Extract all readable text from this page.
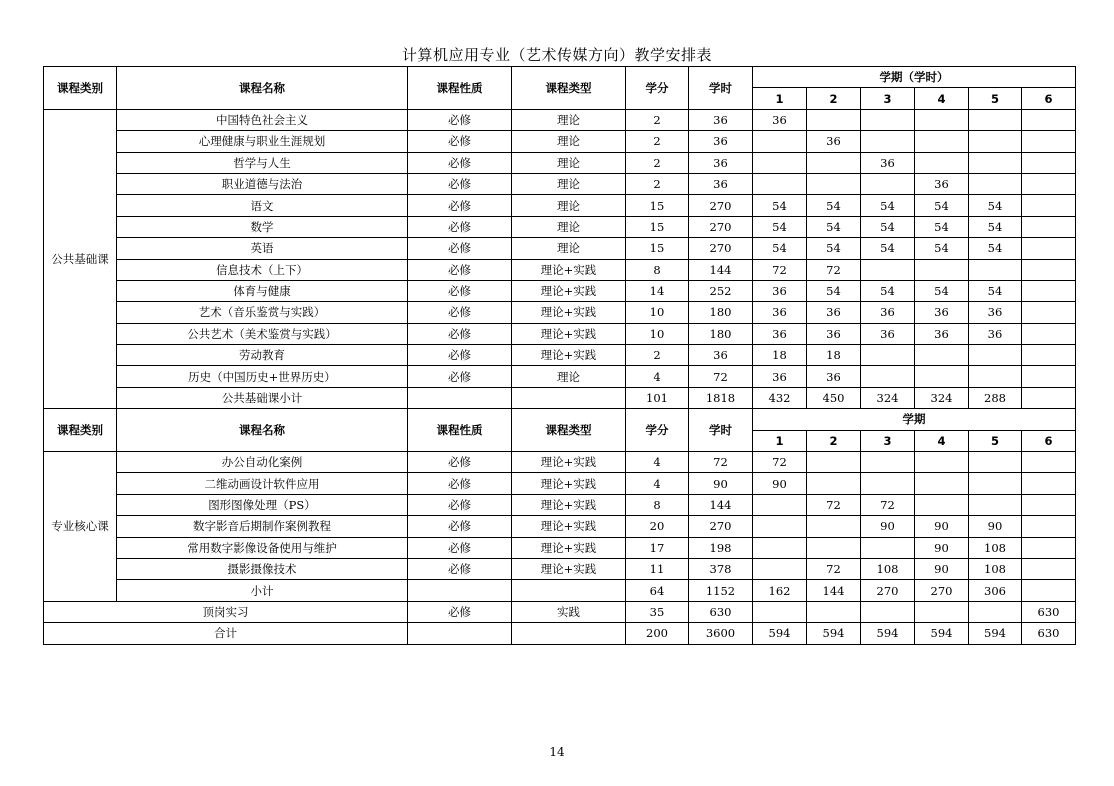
计算机应用专业（艺术传媒方向）教学安排表
课程类别	课程名称	课程性质	课程类型	学分	学时	学期（学时）					
						1	2	3	4	5	6
公共基础课	中国特色社会主义	必修	理论	2	36	36					
	心理健康与职业生涯规划	必修	理论	2	36		36				
	哲学与人生	必修	理论	2	36			36			
	职业道德与法治	必修	理论	2	36				36		
	语文	必修	理论	15	270	54	54	54	54	54	
	数学	必修	理论	15	270	54	54	54	54	54	
	英语	必修	理论	15	270	54	54	54	54	54	
	信息技术（上下）	必修	理论+实践	8	144	72	72				
	体育与健康	必修	理论+实践	14	252	36	54	54	54	54	
	艺术（音乐鉴赏与实践）	必修	理论+实践	10	180	36	36	36	36	36	
	公共艺术（美术鉴赏与实践）	必修	理论+实践	10	180	36	36	36	36	36	
	劳动教育	必修	理论+实践	2	36	18	18				
	历史（中国历史+世界历史）	必修	理论	4	72	36	36				
	公共基础课小计			101	1818	432	450	324	324	288	
课程类别	课程名称	课程性质	课程类型	学分	学时	学期					
						1	2	3	4	5	6
专业核心课	办公自动化案例	必修	理论+实践	4	72	72					
	二维动画设计软件应用	必修	理论+实践	4	90	90					
	图形图像处理（PS）	必修	理论+实践	8	144		72	72			
	数字影音后期制作案例教程	必修	理论+实践	20	270			90	90	90	
	常用数字影像设备使用与维护	必修	理论+实践	17	198				90	108	
	摄影摄像技术	必修	理论+实践	11	378		72	108	90	108	
	小计			64	1152	162	144	270	270	306	
顶岗实习		必修	实践	35	630						630
合计				200	3600	594	594	594	594	594	630
14
